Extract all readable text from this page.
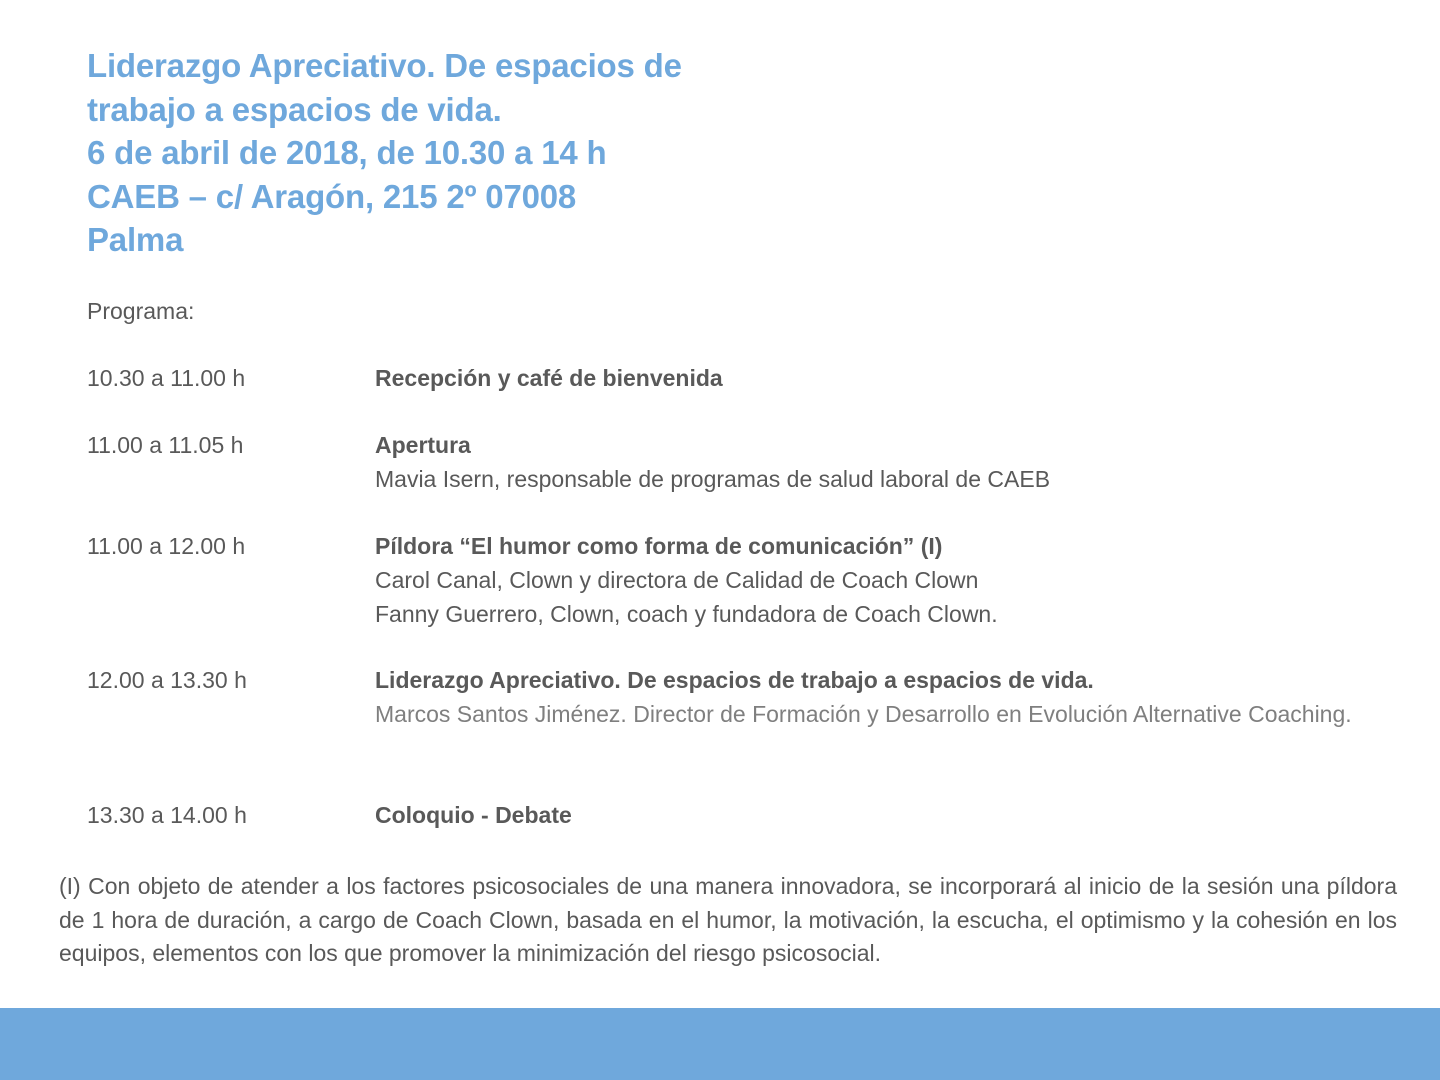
Liderazgo Apreciativo. De espacios de
trabajo a espacios de vida.
6 de abril de 2018, de 10.30 a 14 h
CAEB – c/ Aragón, 215 2º 07008
Palma
Programa:
10.30 a 11.00 h	Recepción y café de bienvenida
11.00 a 11.05 h	Apertura
Mavia Isern, responsable de programas de salud laboral de CAEB
11.00 a 12.00 h	Píldora “El humor como forma de comunicación” (I)
Carol Canal, Clown y directora de Calidad de Coach Clown
Fanny Guerrero, Clown, coach y fundadora de Coach Clown.
12.00 a 13.30 h	Liderazgo Apreciativo. De espacios de trabajo a espacios de vida.
Marcos Santos Jiménez. Director de Formación y Desarrollo en Evolución Alternative Coaching.
13.30 a 14.00 h	Coloquio - Debate
(I) Con objeto de atender a los factores psicosociales de una manera innovadora, se incorporará al inicio de la sesión una píldora de 1 hora de duración, a cargo de Coach Clown, basada en el humor, la motivación, la escucha, el optimismo y la cohesión en los equipos, elementos con los que promover la minimización del riesgo psicosocial.
